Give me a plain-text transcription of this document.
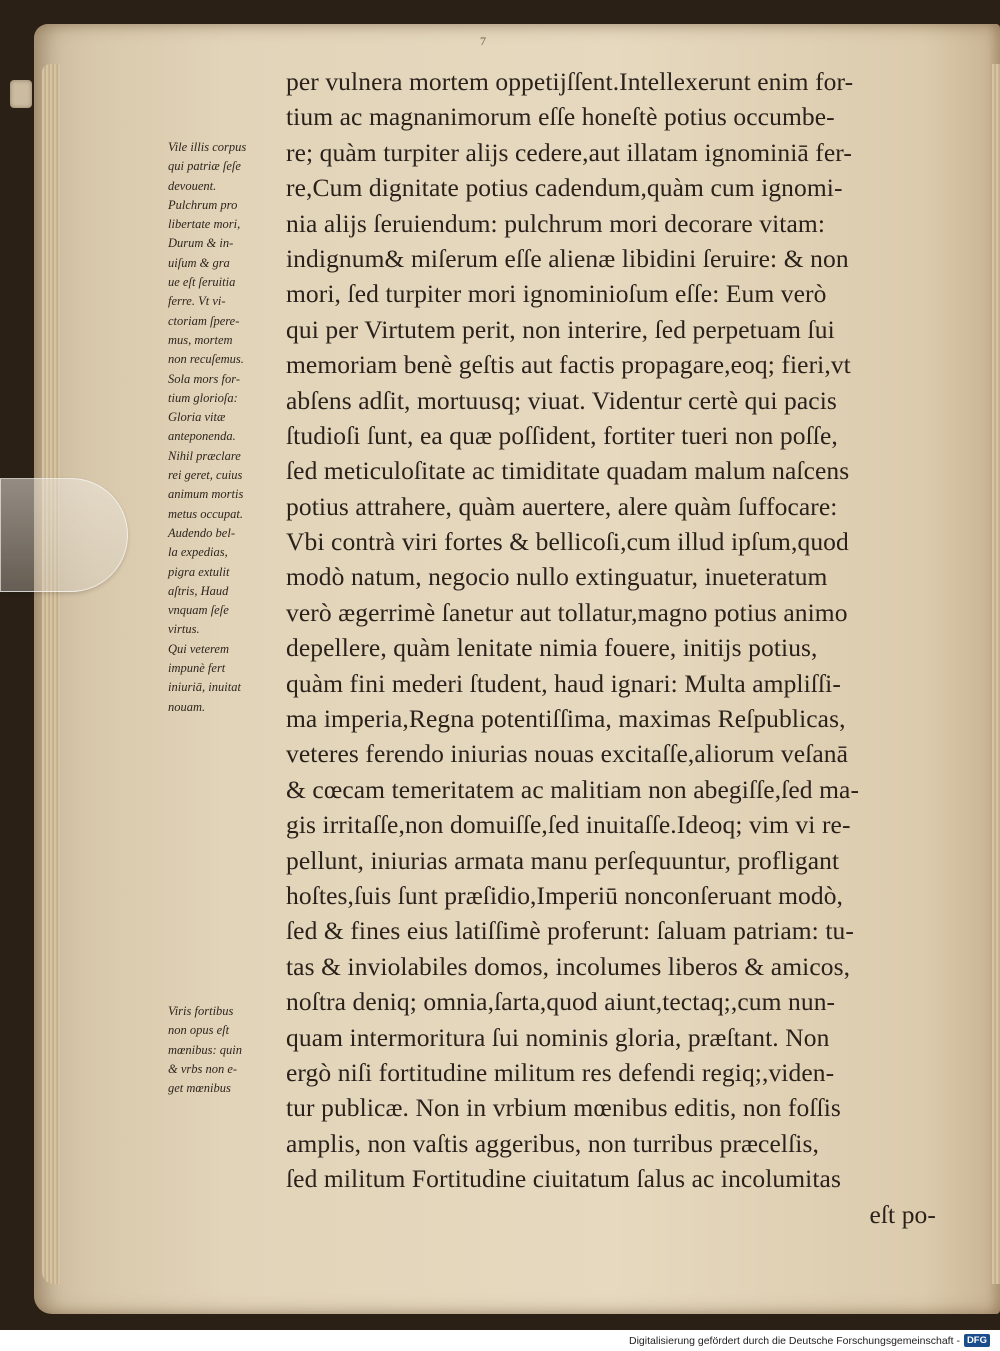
7
per vulnera mortem oppetijſſent.Intellexerunt enim for-
tium ac magnanimorum eſſe honeſtè potius occumbe-
re; quàm turpiter alijs cedere,aut illatam ignominiā fer-
re,Cum dignitate potius cadendum,quàm cum ignomi-
nia alijs ſeruiendum: pulchrum mori decorare vitam:
indignum& miſerum eſſe alienæ libidini ſeruire: & non
mori, ſed turpiter mori ignominioſum eſſe: Eum verò
qui per Virtutem perit, non interire, ſed perpetuam ſui
memoriam benè geſtis aut factis propagare,eoq; fieri,vt
abſens adſit, mortuusq; viuat. Videntur certè qui pacis
ſtudioſi ſunt, ea quæ poſſident, fortiter tueri non poſſe,
ſed meticuloſitate ac timiditate quadam malum naſcens
potius attrahere, quàm auertere, alere quàm ſuffocare:
Vbi contrà viri fortes & bellicoſi,cum illud ipſum,quod
modò natum, negocio nullo extinguatur, inueteratum
verò ægerrimè ſanetur aut tollatur,magno potius animo
depellere, quàm lenitate nimia fouere, initijs potius,
quàm fini mederi ſtudent, haud ignari: Multa ampliſſi-
ma imperia,Regna potentiſſima, maximas Reſpublicas,
veteres ferendo iniurias nouas excitaſſe,aliorum veſanā
& cœcam temeritatem ac malitiam non abegiſſe,ſed ma-
gis irritaſſe,non domuiſſe,ſed inuitaſſe.Ideoq; vim vi re-
pellunt, iniurias armata manu perſequuntur, profligant
hoſtes,ſuis ſunt præſidio,Imperiū nonconſeruant modò,
ſed & fines eius latiſſimè proferunt: ſaluam patriam: tu-
tas & inviolabiles domos, incolumes liberos & amicos,
noſtra deniq; omnia,ſarta,quod aiunt,tectaq;,cum nun-
quam intermoritura ſui nominis gloria, præſtant. Non
ergò niſi fortitudine militum res defendi regiq;,viden-
tur publicæ. Non in vrbium mœnibus editis, non foſſis
amplis, non vaſtis aggeribus, non turribus præcelſis,
ſed militum Fortitudine ciuitatum ſalus ac incolumitas
eſt po-
Vile illis corpus
qui patriæ ſeſe
devouent.
Pulchrum pro
libertate mori,
Durum & in-
uiſum & gra
ue eſt ſeruitia
ferre. Vt vi-
ctoriam ſpere-
mus, mortem
non recuſemus.
Sola mors for-
tium glorioſa:
Gloria vitæ
anteponenda.
Nihil præclare
rei geret, cuius
animum mortis
metus occupat.
Audendo bel-
la expedias,
pigra extulit
aſtris, Haud
vnquam ſeſe
virtus.
Qui veterem
impunè fert
iniuriā, inuitat
nouam.
Viris fortibus
non opus eſt
mœnibus: quin
& vrbs non e-
get mœnibus
Digitalisierung gefördert durch die Deutsche Forschungsgemeinschaft - DFG
